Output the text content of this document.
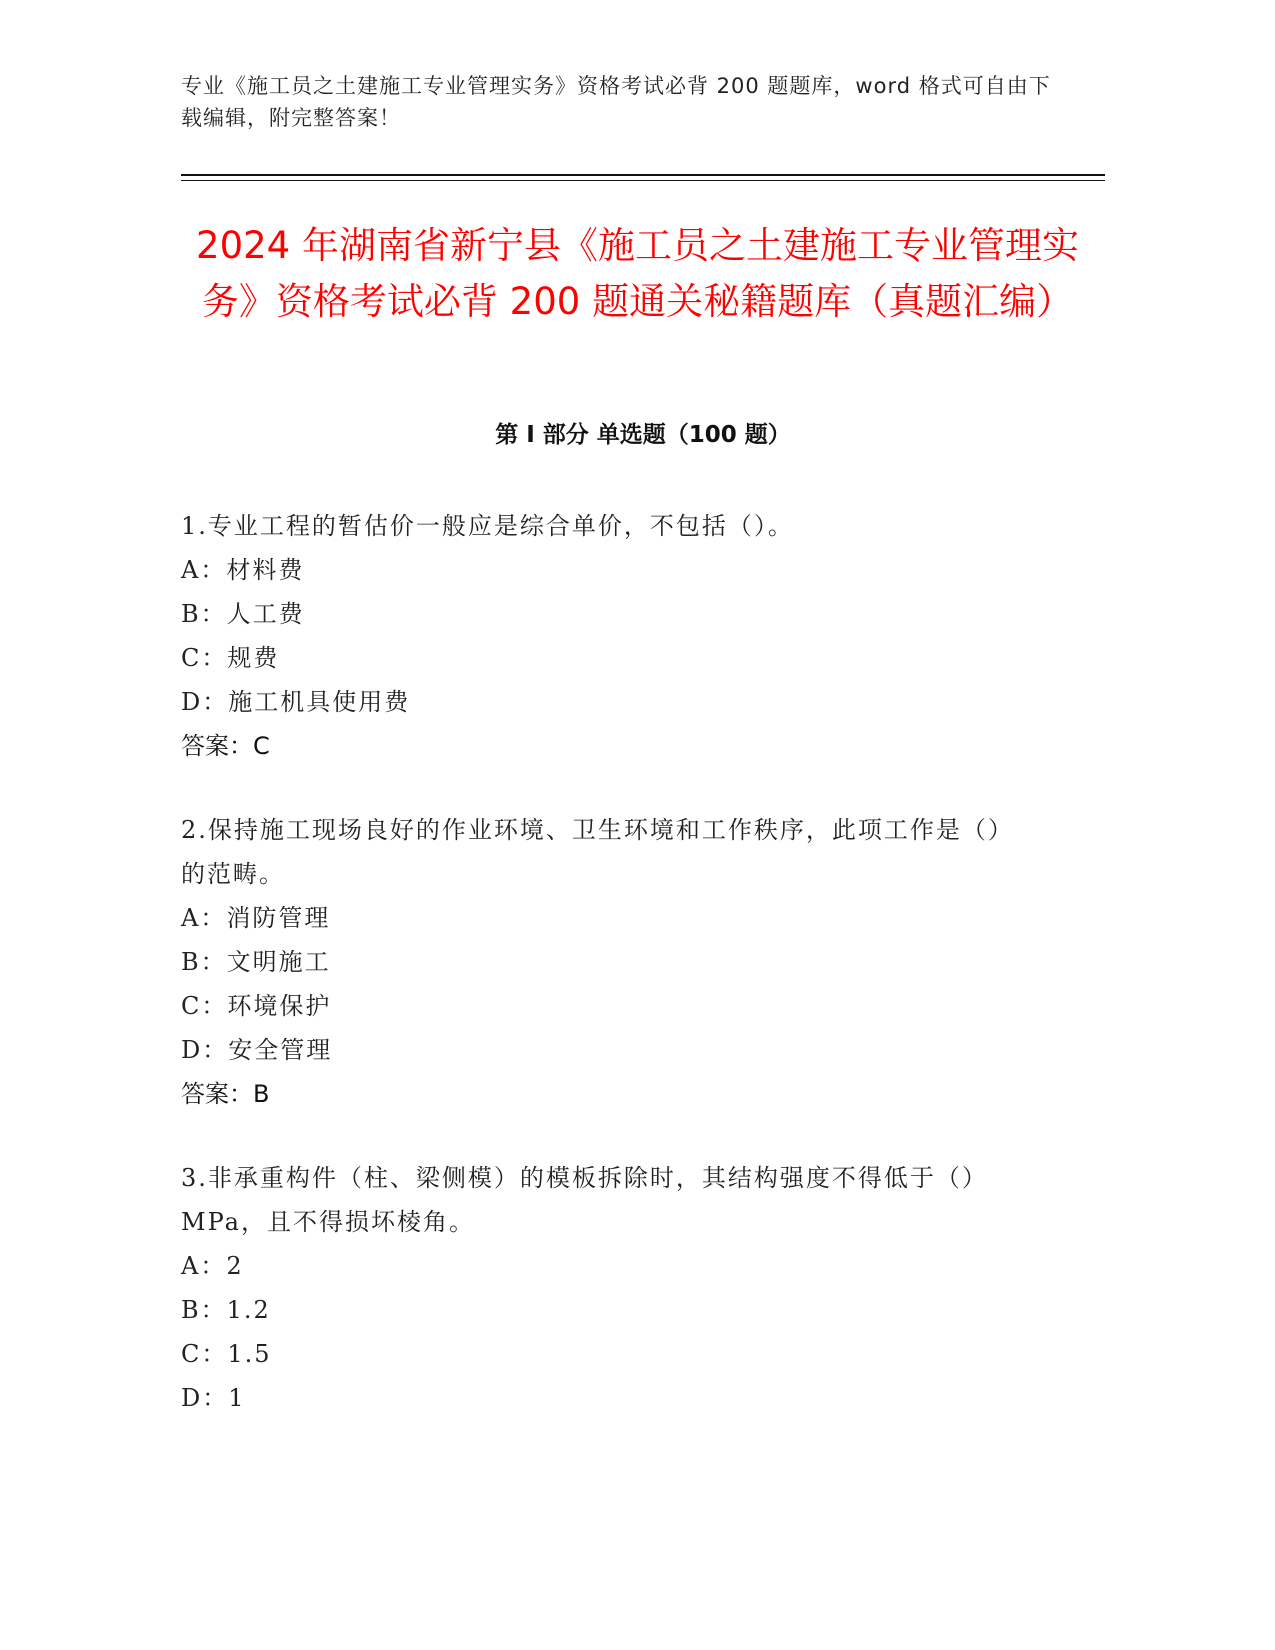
专业《施工员之土建施工专业管理实务》资格考试必背 200 题题库，word 格式可自由下载编辑，附完整答案！
2024 年湖南省新宁县《施工员之土建施工专业管理实务》资格考试必背 200 题通关秘籍题库（真题汇编）
第 I 部分 单选题（100 题）
1.专业工程的暂估价一般应是综合单价，不包括（）。
A：材料费
B：人工费
C：规费
D：施工机具使用费
答案：C
2.保持施工现场良好的作业环境、卫生环境和工作秩序，此项工作是（）的范畴。
A：消防管理
B：文明施工
C：环境保护
D：安全管理
答案：B
3.非承重构件（柱、梁侧模）的模板拆除时，其结构强度不得低于（）MPa，且不得损坏棱角。
A：2
B：1.2
C：1.5
D：1
